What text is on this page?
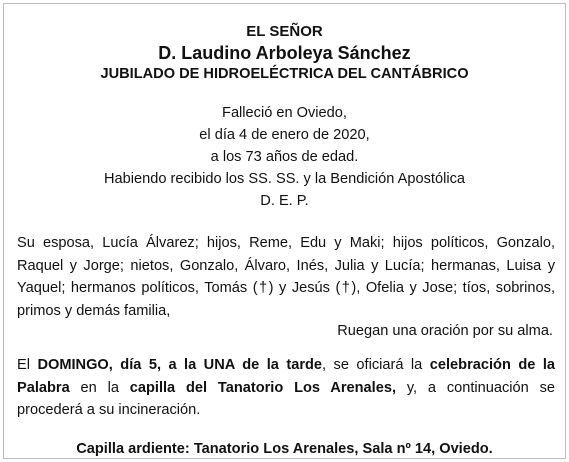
EL SEÑOR
D. Laudino Arboleya Sánchez
JUBILADO DE HIDROELÉCTRICA DEL CANTÁBRICO
Falleció en Oviedo,
el día 4 de enero de 2020,
a los 73 años de edad.
Habiendo recibido los SS. SS. y la Bendición Apostólica
D. E. P.
Su esposa, Lucía Álvarez; hijos, Reme, Edu y Maki; hijos políticos, Gonzalo,
Raquel y Jorge; nietos, Gonzalo, Álvaro, Inés, Julia y Lucía; hermanas, Luisa y
Yaquel; hermanos políticos, Tomás (†) y Jesús (†), Ofelia y Jose; tíos, sobrinos,
primos y demás familia,
Ruegan una oración por su alma.
El DOMINGO, día 5, a la UNA de la tarde, se oficiará la celebración de la
Palabra en la capilla del Tanatorio Los Arenales, y, a continuación se
procederá a su incineración.
Capilla ardiente: Tanatorio Los Arenales, Sala nº 14, Oviedo.
